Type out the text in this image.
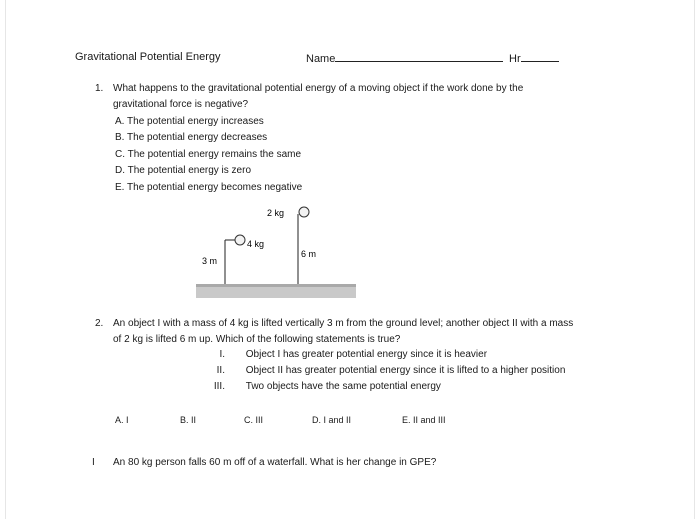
Gravitational Potential Energy	Name	Hr
1. What happens to the gravitational potential energy of a moving object if the work done by the
gravitational force is negative?
A. The potential energy increases
B. The potential energy decreases
C. The potential energy remains the same
D. The potential energy is zero
E. The potential energy becomes negative
2 kg
4 kg
3 m
6 m
2. An object I with a mass of 4 kg is lifted vertically 3 m from the ground level; another object II with a mass
of 2 kg is lifted 6 m up. Which of the following statements is true?
I. Object I has greater potential energy since it is heavier
II. Object II has greater potential energy since it is lifted to a higher position
III. Two objects have the same potential energy
A. I	B. II	C. III	D. I and II	E. II and III
I An 80 kg person falls 60 m off of a waterfall. What is her change in GPE?
